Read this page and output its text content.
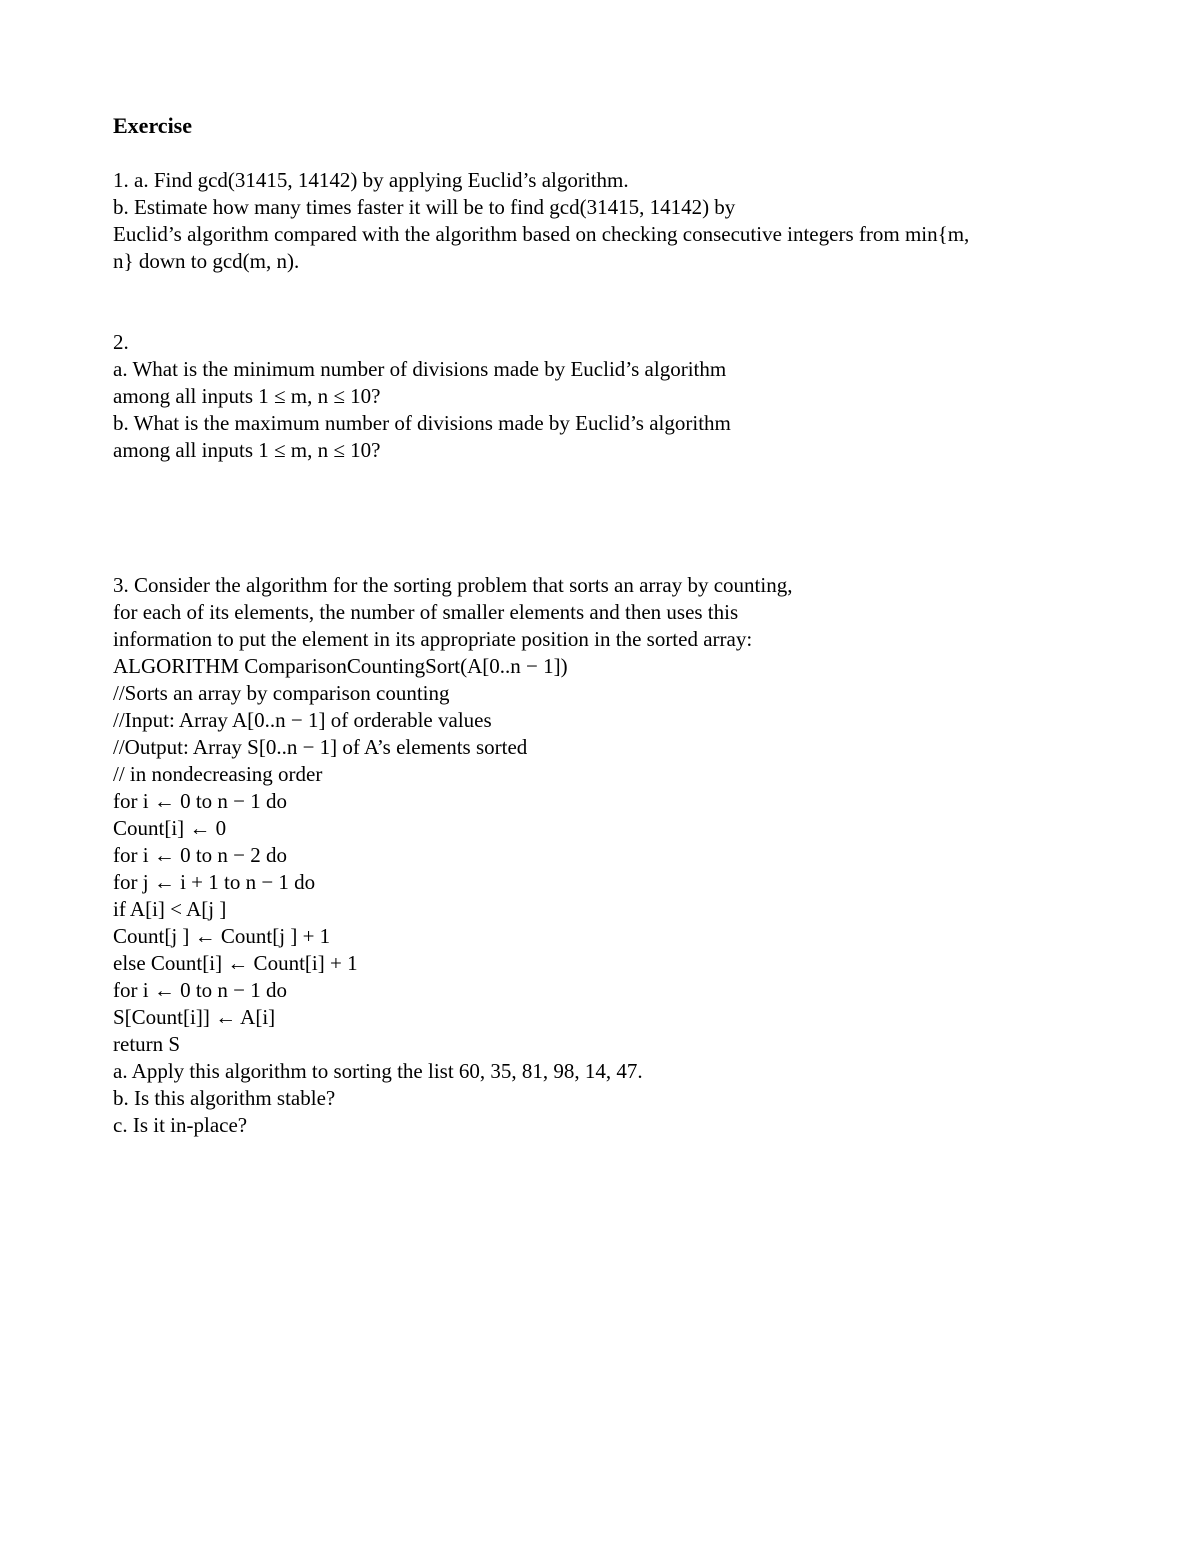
Exercise
1. a. Find gcd(31415, 14142) by applying Euclid’s algorithm.
b. Estimate how many times faster it will be to find gcd(31415, 14142) by
Euclid’s algorithm compared with the algorithm based on checking consecutive integers from min{m,
n} down to gcd(m, n).
2.
a. What is the minimum number of divisions made by Euclid’s algorithm
among all inputs 1 ≤ m, n ≤ 10?
b. What is the maximum number of divisions made by Euclid’s algorithm
among all inputs 1 ≤ m, n ≤ 10?
3. Consider the algorithm for the sorting problem that sorts an array by counting,
for each of its elements, the number of smaller elements and then uses this
information to put the element in its appropriate position in the sorted array:
ALGORITHM ComparisonCountingSort(A[0..n − 1])
//Sorts an array by comparison counting
//Input: Array A[0..n − 1] of orderable values
//Output: Array S[0..n − 1] of A’s elements sorted
// in nondecreasing order
for i ← 0 to n − 1 do
Count[i] ← 0
for i ← 0 to n − 2 do
for j ← i + 1 to n − 1 do
if A[i] < A[j ]
Count[j ] ← Count[j ] + 1
else Count[i] ← Count[i] + 1
for i ← 0 to n − 1 do
S[Count[i]] ← A[i]
return S
a. Apply this algorithm to sorting the list 60, 35, 81, 98, 14, 47.
b. Is this algorithm stable?
c. Is it in-place?
